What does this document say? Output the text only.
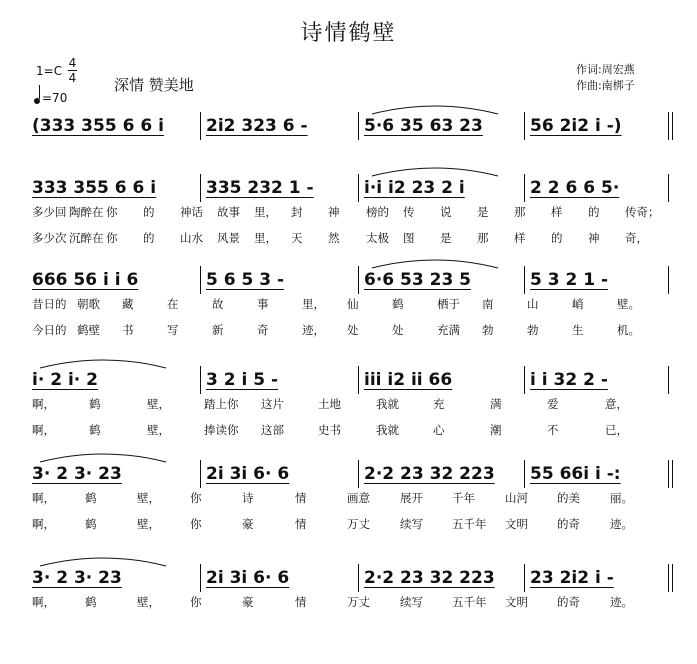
诗情鹤壁
1=C
4
4
=70
深情 赞美地
作词:周宏燕
作曲:南梆子
(333 355 6 6 i 2i2 323 6 -	5·6 35 63 23	56 2i2 i -)
333 355 6 6 i	335 232 1 -	i·i i2 23 2 i	2 2 6 6 5·
多少回 陶醉在 你 的 神话 故事 里， 封 神 榜的 传 说 是 那 样 的 传奇；
多少次 沉醉在 你 的 山水 风景 里， 天 然 太极 图 是 那 样 的 神 奇，
666 56 i i 6	5 6 5 3 -	6·6 53 23 5	5 3 2 1 -
昔日的 朝歌 藏	在	故	事	里， 仙	鹤	栖于 南	山	峭	壁。
今日的 鹤壁 书	写	新	奇	迹， 处	处	充满 勃	勃	生	机。
i· 2 i· 2	3 2 i 5 -	iii i2 ii 66	i i 32 2 -
啊，	鹤	壁，	踏上你 这片	土地	我就	充	满	爱	意，
啊，	鹤	壁，	捧读你 这部	史书	我就	心	潮	不	已，
3· 2 3· 23	2i 3i 6· 6	2·2 23 32 223 55 66i i -:
啊，	鹤	壁，	你	诗	情	画意	展开	千年	山河	的美	丽。
啊，	鹤	壁，	你	豪	情	万丈	续写	五千年 文明	的奇	迹。
3· 2 3· 23	2i 3i 6· 6	2·2 23 32 223 23 2i2 i -
啊，	鹤	壁，	你	豪	情	万丈	续写	五千年 文明	的奇	迹。
